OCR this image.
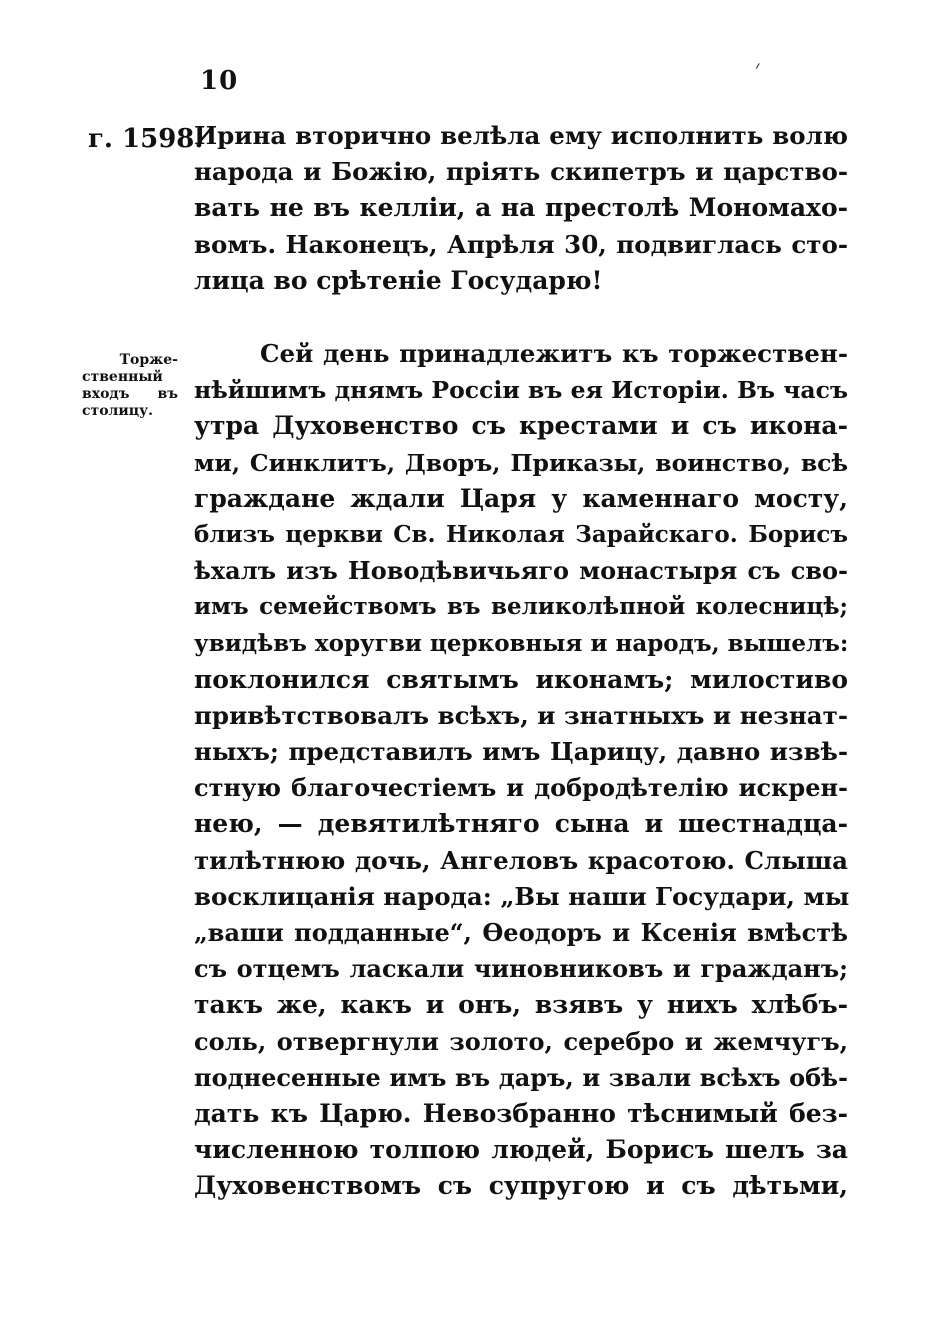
10
г. 1598.
Торже-
ственный
входъ въ
столицу.
Ирина вторично велѣла ему исполнить волю
народа и Божію, пріять скипетръ и царство-
вать не въ келліи, а на престолѣ Мономахо-
вомъ. Наконецъ, Апрѣля 30, подвиглась сто-
лица во срѣтеніе Государю!
Сей день принадлежитъ къ торжествен-
нѣйшимъ днямъ Россіи въ ея Исторіи. Въ часъ
утра Духовенство съ крестами и съ икона-
ми, Синклитъ, Дворъ, Приказы, воинство, всѣ
граждане ждали Царя у каменнаго мосту,
близъ церкви Св. Николая Зарайскаго. Борисъ
ѣхалъ изъ Новодѣвичьяго монастыря съ сво-
имъ семействомъ въ великолѣпной колесницѣ;
увидѣвъ хоругви церковныя и народъ, вышелъ:
поклонился святымъ иконамъ; милостиво
привѣтствовалъ всѣхъ, и знатныхъ и незнат-
ныхъ; представилъ имъ Царицу, давно извѣ-
стную благочестіемъ и добродѣтелію искрен-
нею, — девятилѣтняго сына и шестнадца-
тилѣтнюю дочь, Ангеловъ красотою. Слыша
восклицанія народа: „Вы наши Государи, мы
„ваши подданные“, Ѳеодоръ и Ксенія вмѣстѣ
съ отцемъ ласкали чиновниковъ и гражданъ;
такъ же, какъ и онъ, взявъ у нихъ хлѣбъ-
соль, отвергнули золото, серебро и жемчугъ,
поднесенные имъ въ даръ, и звали всѣхъ обѣ-
дать къ Царю. Невозбранно тѣснимый без-
численною толпою людей, Борисъ шелъ за
Духовенствомъ съ супругою и съ дѣтьми,
